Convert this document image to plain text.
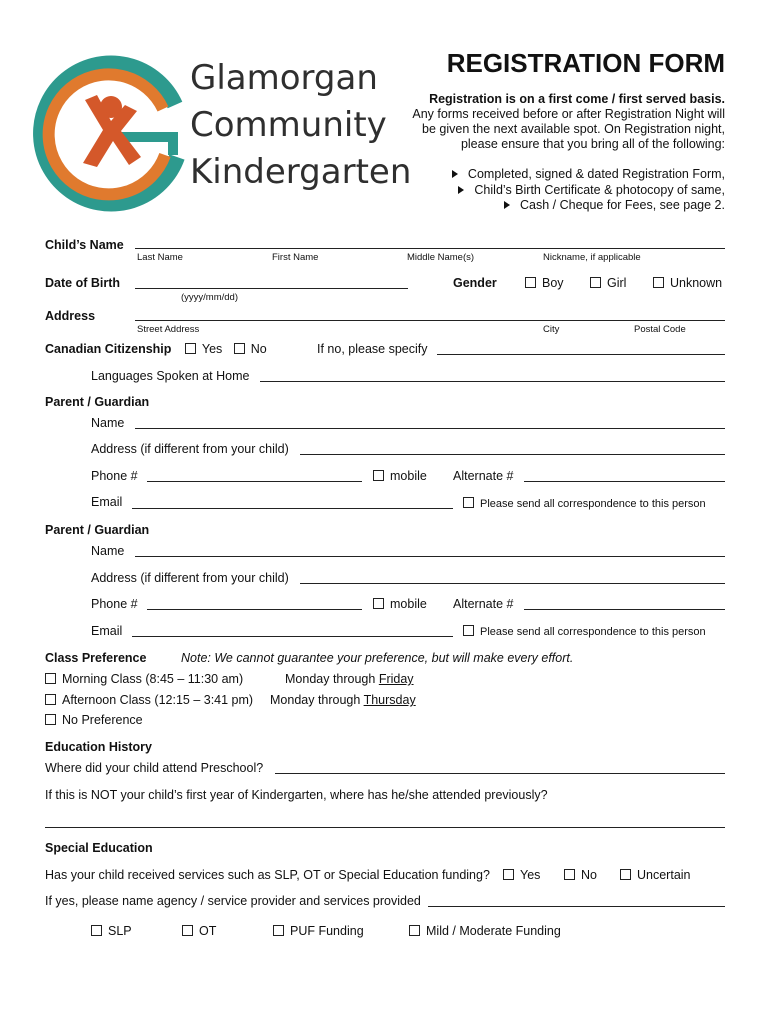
Glamorgan
Community
Kindergarten
REGISTRATION FORM
Registration is on a first come / first served basis.
Any forms received before or after Registration Night will
be given the next available spot. On Registration night,
please ensure that you bring all of the following:
Completed, signed & dated Registration Form,
Child’s Birth Certificate & photocopy of same,
Cash / Cheque for Fees, see page 2.
Child’s Name
Last Name	First Name	Middle Name(s)	Nickname, if applicable
Date of Birth
(yyyy/mm/dd)
Gender	Boy	Girl	Unknown
Address
Street Address	City	Postal Code
Canadian Citizenship Yes No	If no, please specify
Languages Spoken at Home
Parent / Guardian
Name
Address (if different from your child)
Phone #	mobile Alternate #
Email	Please send all correspondence to this person
Parent / Guardian
Name
Address (if different from your child)
Phone #	mobile Alternate #
Email	Please send all correspondence to this person
Class Preference	Note: We cannot guarantee your preference, but will make every effort.
Morning Class (8:45 – 11:30 am)	Monday through Friday
Afternoon Class (12:15 – 3:41 pm) Monday through Thursday
No Preference
Education History
Where did your child attend Preschool?
If this is NOT your child’s first year of Kindergarten, where has he/she attended previously?
Special Education
Has your child received services such as SLP, OT or Special Education funding?	Yes	No	Uncertain
If yes, please name agency / service provider and services provided
SLP	OT	PUF Funding	Mild / Moderate Funding
